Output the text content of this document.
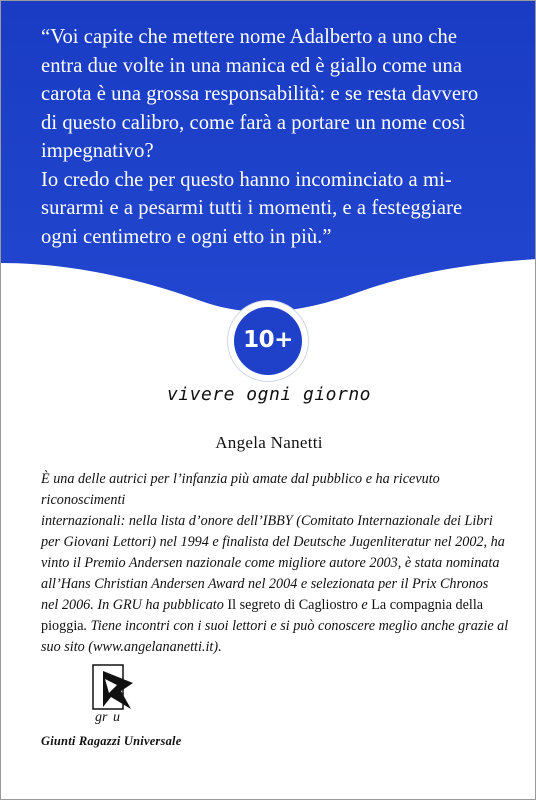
“Voi capite che mettere nome Adalberto a uno che

entra due volte in una manica ed è giallo come una

carota è una grossa responsabilità: e se resta davvero

di questo calibro, come farà a portare un nome così

impegnativo?

Io credo che per questo hanno incominciato a mi-

surarmi e a pesarmi tutti i momenti, e a festeggiare

ogni centimetro e ogni etto in più.”

10+
vivere ogni giorno
Angela Nanetti
È una delle autrici per l’infanzia più amate dal pubblico e ha ricevuto riconoscimenti
internazionali: nella lista d’onore dell’IBBY (Comitato Internazionale dei Libri
per Giovani Lettori) nel 1994 e finalista del Deutsche Jugenliteratur nel 2002, ha
vinto il Premio Andersen nazionale come migliore autore 2003, è stata nominata
all’Hans Christian Andersen Award nel 2004 e selezionata per il Prix Chronos
nel 2006. In GRU ha pubblicato Il segreto di Cagliostro e La compagnia della
pioggia. Tiene incontri con i suoi lettori e si può conoscere meglio anche grazie al
suo sito (www.angelananetti.it).
gr u
Giunti Ragazzi Universale
